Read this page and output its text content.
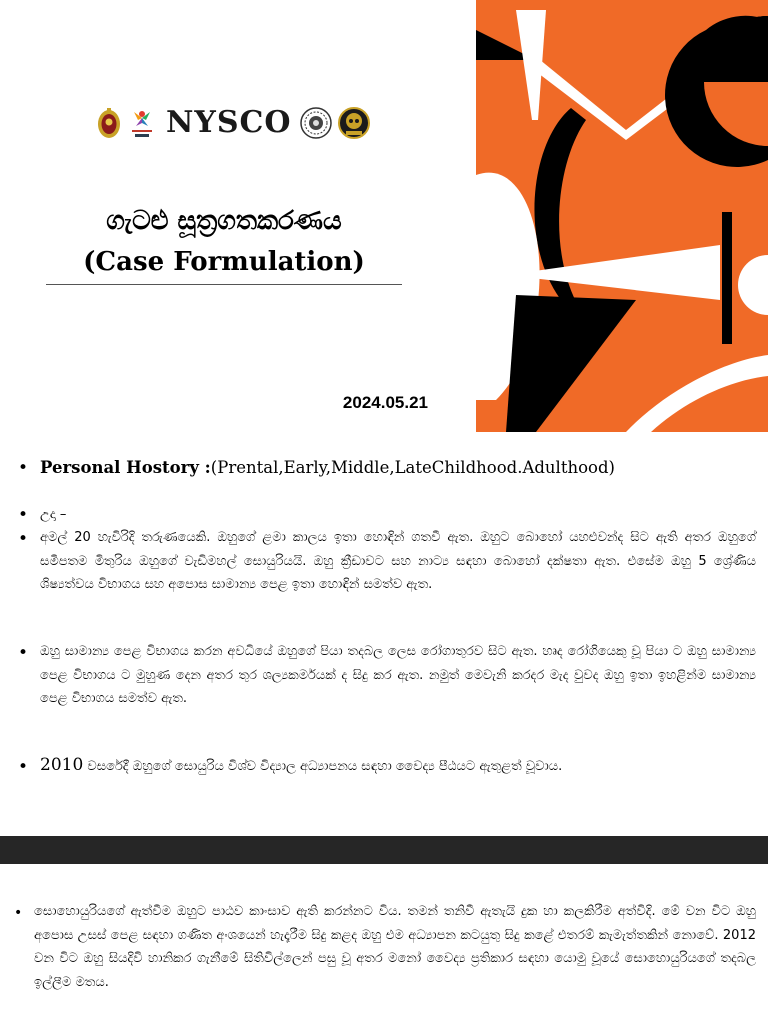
NYSCO
ගැටළු සූත්‍රගතකරණය
(Case Formulation)
2024.05.21
• Personal Hostory :(Prental,Early,Middle,LateChildhood.Adulthood)
• උදා –
• අමල් 20 හැවිරිදි තරුණයෙකි. ඔහුගේ ළමා කාලය ඉතා හොඳින් ගතවී ඇත. ඔහුට බොහෝ යහළුවන්ද සිට ඇති අතර ඔහුගේ සමීපතම මිතුරිය ඔහුගේ වැඩිමහල් සොයුරියයි. ඔහු ක්‍රීඩාවට සහ නාට්‍ය සඳහා බොහෝ දක්ෂතා ඇත. එසේම ඔහු 5 ශ්‍රේණිය ශිෂ්‍යත්වය විභාගය සහ අපොස සාමාන්‍ය පෙළ ඉතා හොඳින් සමත්ව ඇත.
• ඔහු සාමාන්‍ය පෙළ විභාගය කරන අවධියේ ඔහුගේ පියා තදබල ලෙස රෝගාතුරව සිට ඇත. හෘද රෝගියෙකු වූ පියා ට ඔහු සාමාන්‍ය පෙළ විභාගය ට මුහුණ දෙන අතර තුර ශල්‍යකර්මයක් ද සිදු කර ඇත. නමුත් මෙවැනි කරදර මැද වුවද ඔහු ඉතා ඉහළින්ම සාමාන්‍ය පෙළ විභාගය සමත්ව ඇත.
• 2010 වසරේදී ඔහුගේ සොයුරිය විශ්ව විද්‍යාල අධ්‍යාපනය සඳහා වෛද්‍ය පීඨයට ඇතුළත් වූවාය.
• සොහොයුරියගේ ඇත්වීම ඔහුට පාඨව කාංසාව ඇති කරන්නට විය. තමන් තනිවී ඇතැයි දුක හා කලකිරීම අත්විදි. මේ වන විට ඔහු අපොස උසස් පෙළ සඳහා ගණිත අංශයෙන් හැදෑරීම සිදු කළද ඔහු එම අධ්‍යාපන කටයුතු සිදු කළේ එතරම් කැමැත්තකින් නොවේ. 2012 වන විට ඔහු සියදිවි හානිකර ගැනීමේ සිතිවිල්ලෙන් පසු වූ අතර මනෝ වෛද්‍ය ප්‍රතිකාර සඳහා යොමු වූයේ සොහොයුරියගේ තදබල ඉල්ලීම මතය.
